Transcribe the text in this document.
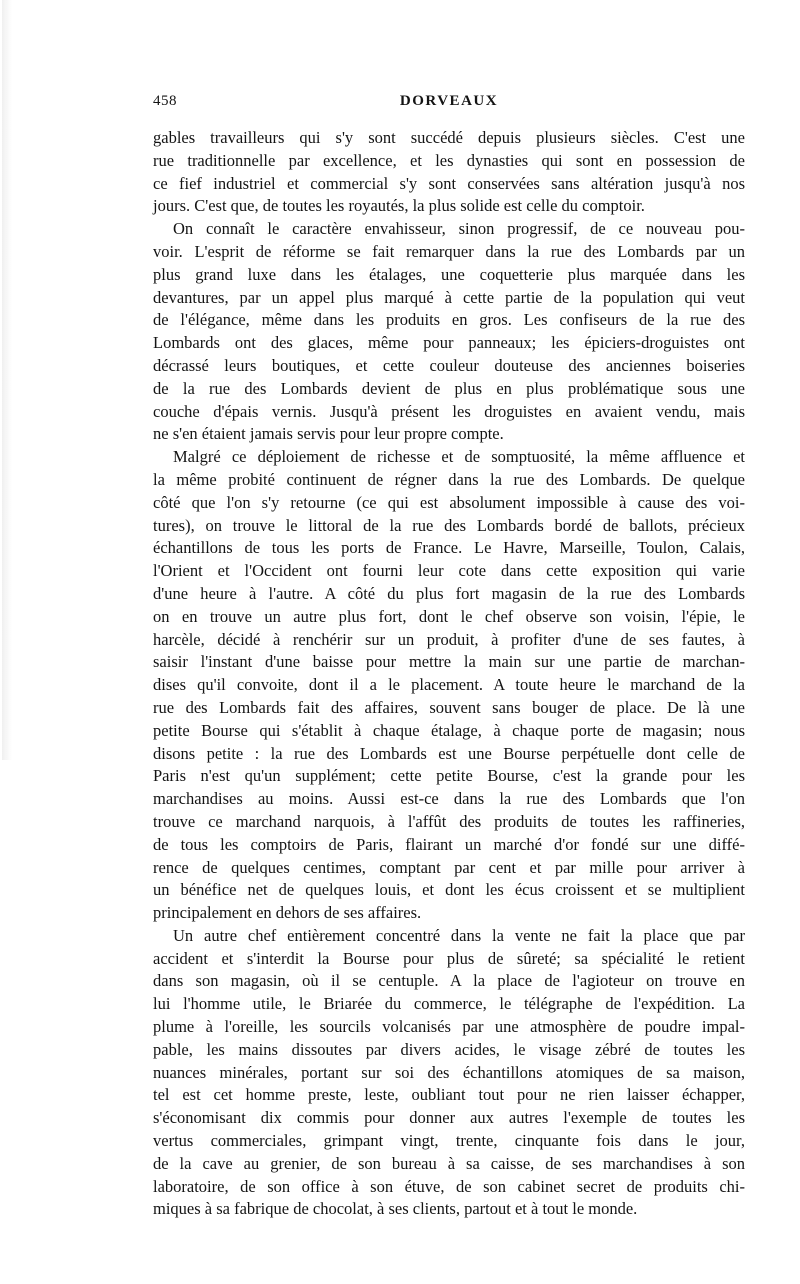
458	DORVEAUX

gables travailleurs qui s'y sont succédé depuis plusieurs siècles. C'est une
rue traditionnelle par excellence, et les dynasties qui sont en possession de
ce fief industriel et commercial s'y sont conservées sans altération jusqu'à nos
jours. C'est que, de toutes les royautés, la plus solide est celle du comptoir.

On connaît le caractère envahisseur, sinon progressif, de ce nouveau pou-
voir. L'esprit de réforme se fait remarquer dans la rue des Lombards par un
plus grand luxe dans les étalages, une coquetterie plus marquée dans les
devantures, par un appel plus marqué à cette partie de la population qui veut
de l'élégance, même dans les produits en gros. Les confiseurs de la rue des
Lombards ont des glaces, même pour panneaux; les épiciers-droguistes ont
décrassé leurs boutiques, et cette couleur douteuse des anciennes boiseries
de la rue des Lombards devient de plus en plus problématique sous une
couche d'épais vernis. Jusqu'à présent les droguistes en avaient vendu, mais
ne s'en étaient jamais servis pour leur propre compte.

Malgré ce déploiement de richesse et de somptuosité, la même affluence et
la même probité continuent de régner dans la rue des Lombards. De quelque
côté que l'on s'y retourne (ce qui est absolument impossible à cause des voi-
tures), on trouve le littoral de la rue des Lombards bordé de ballots, précieux
échantillons de tous les ports de France. Le Havre, Marseille, Toulon, Calais,
l'Orient et l'Occident ont fourni leur cote dans cette exposition qui varie
d'une heure à l'autre. A côté du plus fort magasin de la rue des Lombards
on en trouve un autre plus fort, dont le chef observe son voisin, l'épie, le
harcèle, décidé à renchérir sur un produit, à profiter d'une de ses fautes, à
saisir l'instant d'une baisse pour mettre la main sur une partie de marchan-
dises qu'il convoite, dont il a le placement. A toute heure le marchand de la
rue des Lombards fait des affaires, souvent sans bouger de place. De là une
petite Bourse qui s'établit à chaque étalage, à chaque porte de magasin; nous
disons petite : la rue des Lombards est une Bourse perpétuelle dont celle de
Paris n'est qu'un supplément; cette petite Bourse, c'est la grande pour les
marchandises au moins. Aussi est-ce dans la rue des Lombards que l'on
trouve ce marchand narquois, à l'affût des produits de toutes les raffineries,
de tous les comptoirs de Paris, flairant un marché d'or fondé sur une diffé-
rence de quelques centimes, comptant par cent et par mille pour arriver à
un bénéfice net de quelques louis, et dont les écus croissent et se multiplient
principalement en dehors de ses affaires.

Un autre chef entièrement concentré dans la vente ne fait la place que par
accident et s'interdit la Bourse pour plus de sûreté; sa spécialité le retient
dans son magasin, où il se centuple. A la place de l'agioteur on trouve en
lui l'homme utile, le Briarée du commerce, le télégraphe de l'expédition. La
plume à l'oreille, les sourcils volcanisés par une atmosphère de poudre impal-
pable, les mains dissoutes par divers acides, le visage zébré de toutes les
nuances minérales, portant sur soi des échantillons atomiques de sa maison,
tel est cet homme preste, leste, oubliant tout pour ne rien laisser échapper,
s'économisant dix commis pour donner aux autres l'exemple de toutes les
vertus commerciales, grimpant vingt, trente, cinquante fois dans le jour,
de la cave au grenier, de son bureau à sa caisse, de ses marchandises à son
laboratoire, de son office à son étuve, de son cabinet secret de produits chi-
miques à sa fabrique de chocolat, à ses clients, partout et à tout le monde.
